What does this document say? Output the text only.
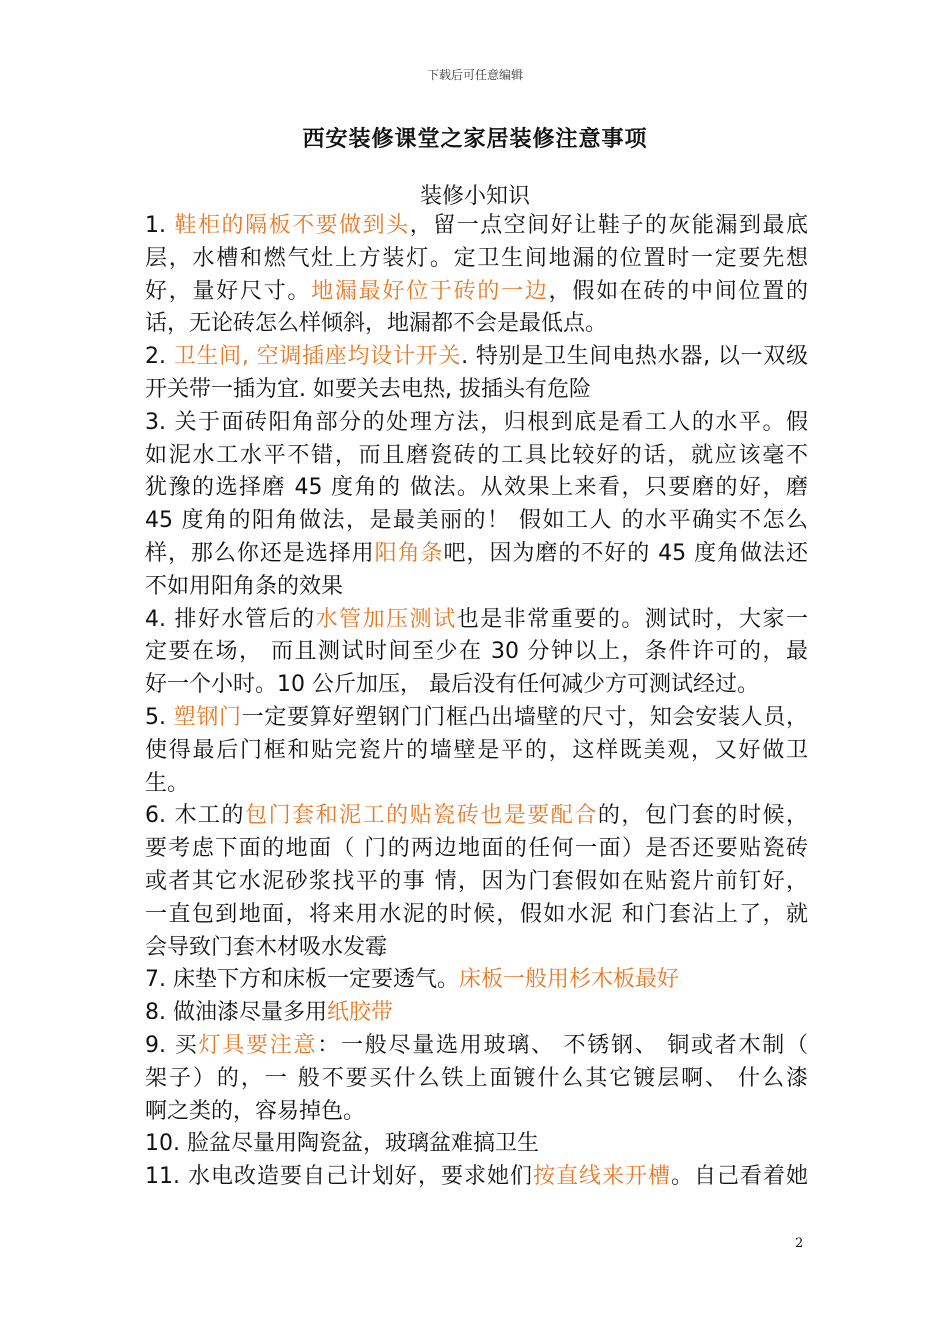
下载后可任意编辑
西安装修课堂之家居装修注意事项
装修小知识
1. 鞋柜的隔板不要做到头，留一点空间好让鞋子的灰能漏到最底
层，水槽和燃气灶上方装灯。定卫生间地漏的位置时一定要先想
好，量好尺寸。地漏最好位于砖的一边，假如在砖的中间位置的
话，无论砖怎么样倾斜，地漏都不会是最低点。
2. 卫生间, 空调插座均设计开关. 特别是卫生间电热水器, 以一双级
开关带一插为宜. 如要关去电热, 拔插头有危险
3. 关于面砖阳角部分的处理方法，归根到底是看工人的水平。假
如泥水工水平不错，而且磨瓷砖的工具比较好的话，就应该毫不
犹豫的选择磨 45 度角的 做法。从效果上来看，只要磨的好，磨
45 度角的阳角做法，是最美丽的！ 假如工人 的水平确实不怎么
样，那么你还是选择用阳角条吧，因为磨的不好的 45 度角做法还
不如用阳角条的效果
4. 排好水管后的水管加压测试也是非常重要的。测试时，大家一
定要在场， 而且测试时间至少在 30 分钟以上，条件许可的，最
好一个小时。10 公斤加压， 最后没有任何减少方可测试经过。
5. 塑钢门一定要算好塑钢门门框凸出墙壁的尺寸，知会安装人员，
使得最后门框和贴完瓷片的墙壁是平的，这样既美观，又好做卫
生。
6. 木工的包门套和泥工的贴瓷砖也是要配合的，包门套的时候，
要考虑下面的地面（ 门的两边地面的任何一面）是否还要贴瓷砖
或者其它水泥砂浆找平的事 情，因为门套假如在贴瓷片前钉好，
一直包到地面，将来用水泥的时候，假如水泥 和门套沾上了，就
会导致门套木材吸水发霉
7. 床垫下方和床板一定要透气。床板一般用杉木板最好
8. 做油漆尽量多用纸胶带
9. 买灯具要注意：一般尽量选用玻璃、 不锈钢、 铜或者木制（
架子）的，一 般不要买什么铁上面镀什么其它镀层啊、 什么漆
啊之类的，容易掉色。
10. 脸盆尽量用陶瓷盆，玻璃盆难搞卫生
11. 水电改造要自己计划好，要求她们按直线来开槽。自己看着她
2
